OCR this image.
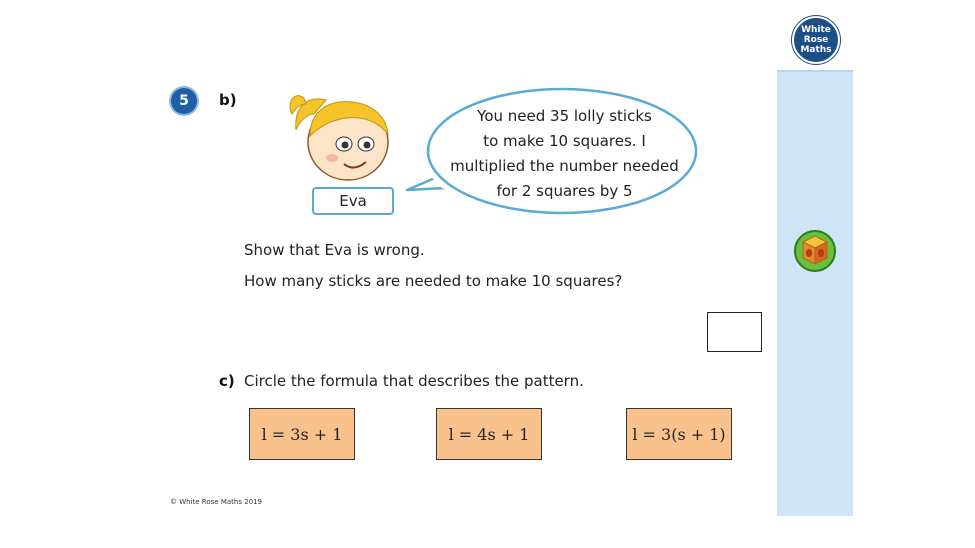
White
Rose
Maths
5	b)
Eva
You need 35 lolly sticks
to make 10 squares. I
multiplied the number needed
for 2 squares by 5
Show that Eva is wrong.
How many sticks are needed to make 10 squares?
c) Circle the formula that describes the pattern.
l = 3s + 1	l = 4s + 1	l = 3(s + 1)
© White Rose Maths 2019
